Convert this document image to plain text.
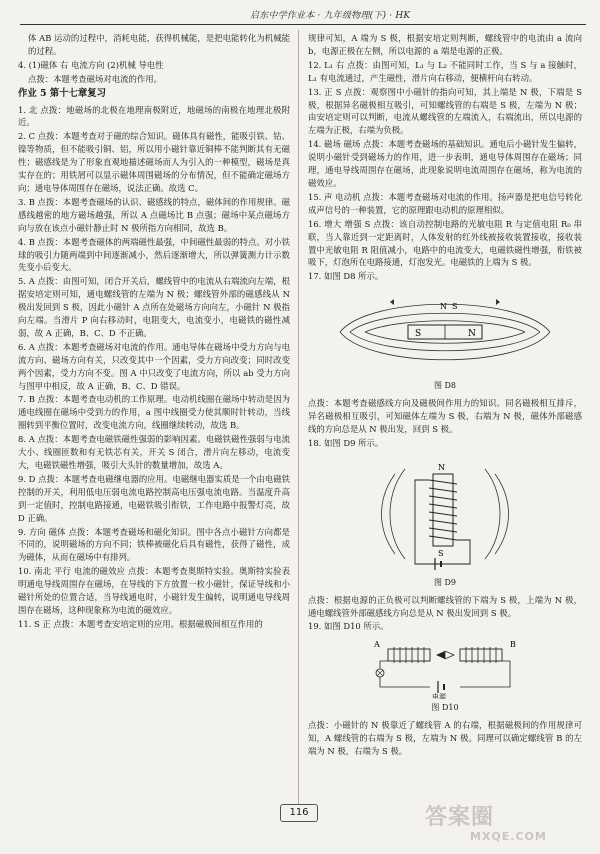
启东中学作业本 · 九年级物理(下) · HK

体 AB 运动的过程中，消耗电能，获得机械能，是把电能转化为机械能的过程。

4. (1)磁体 右 电流方向 (2)机械 导电性

点拨：本题考查磁场对电流的作用。

作业 5 第十七章复习

1. 北 点拨：地磁场的北极在地理南极附近，地磁场的南极在地理北极附近。

2. C 点拨：本题考查对于磁的综合知识。磁体具有磁性，能吸引铁、钴、镍等物质，但不能吸引铜、铝，所以用小磁针靠近铜棒不能判断其有无磁性；磁感线是为了形象直观地描述磁场而人为引入的一种模型，磁场是真实存在的；用铁屑可以显示磁体周围磁场的分布情况，但不能确定磁场方向；通电导体周围存在磁场，说法正确。故选 C。

3. B 点拨：本题考查磁场的认识、磁感线的特点，磁体间的作用规律。磁感线越密的地方磁场越强，所以 A 点磁场比 B 点强；磁场中某点磁场方向与放在该点小磁针静止时 N 极所指方向相同，故选 B。

4. B 点拨：本题考查磁体的两端磁性最强，中间磁性最弱的特点。对小铁球的吸引力随两端到中间逐渐减小，然后逐渐增大，所以弹簧测力计示数先变小后变大。

5. A 点拨：由图可知，闭合开关后，螺线管中的电流从右端流向左端，根据安培定则可知，通电螺线管的左端为 N 极；螺线管外部的磁感线从 N 极出发回到 S 极，因此小磁针 A 点所在处磁场方向向左，小磁针 N 极指向左端。当滑片 P 向右移动时，电阻变大，电流变小，电磁铁的磁性减弱，故 A 正确，B、C、D 不正确。

6. A 点拨：本题考查磁场对电流的作用。通电导体在磁场中受力方向与电流方向、磁场方向有关，只改变其中一个因素，受力方向改变；同时改变两个因素，受力方向不变。图 A 中只改变了电流方向，所以 ab 受力方向与图甲中相反，故 A 正确，B、C、D 错误。

7. B 点拨：本题考查电动机的工作原理。电动机线圈在磁场中转动是因为通电线圈在磁场中受到力的作用，a 图中线圈受力使其顺时针转动，当线圈转到平衡位置时，改变电流方向，线圈继续转动，故选 B。

8. A 点拨：本题考查电磁铁磁性强弱的影响因素。电磁铁磁性强弱与电流大小、线圈匝数和有无铁芯有关，开关 S 闭合，滑片向左移动，电流变大，电磁铁磁性增强，吸引大头针的数量增加，故选 A。

9. D 点拨：本题考查电磁继电器的应用。电磁继电器实质是一个由电磁铁控制的开关，利用低电压弱电流电路控制高电压强电流电路。当温度升高到一定值时，控制电路接通，电磁铁吸引衔铁，工作电路中报警灯亮，故 D 正确。

9. 方向 磁体 点拨：本题考查磁场和磁化知识。图中各点小磁针方向都是不同的，说明磁场的方向不同；铁棒被磁化后具有磁性，获得了磁性，成为磁体，从而在磁场中有排列。

10. 南北 平行 电流的磁效应 点拨：本题考查奥斯特实验。奥斯特实验表明通电导线周围存在磁场，在导线的下方放置一枚小磁针，保证导线和小磁针所处的位置合适，当导线通电时，小磁针发生偏转，说明通电导线周围存在磁场，这种现象称为电流的磁效应。

11. S 正 点拨：本题考查安培定则的应用。根据磁极间相互作用的

规律可知，A 端为 S 极，根据安培定则判断，螺线管中的电流由 a 流向 b，电源正极在左侧，所以电源的 a 端是电源的正极。

12. L₁ 右 点拨：由图可知，L₁ 与 L₂ 不能同时工作，当 S 与 a 接触时，L₁ 有电流通过，产生磁性，滑片向右移动，便横杆向右转动。

13. 正 S 点拨：观察图中小磁针的指向可知，其上端是 N 极，下端是 S 极，根据异名磁极相互吸引，可知螺线管的右端是 S 极，左端为 N 极；由安培定则可以判断，电流从螺线管的左端流入，右端流出，所以电源的左端为正极，右端为负极。

14. 磁场 磁场 点拨：本题考查磁场的基础知识。通电后小磁针发生偏转，说明小磁针受到磁场力的作用，进一步表明，通电导体周围存在磁场；同理，通电导线周围存在磁场，此现象说明电流周围存在磁场，称为电流的磁效应。

15. 声 电动机 点拨：本题考查磁场对电流的作用。扬声器是把电信号转化成声信号的一种装置，它的原理跟电动机的原理相似。

16. 增大 增强 S 点拨：该自动控制电路的光敏电阻 R 与定值电阻 R₀ 串联，当人靠近到一定距离时，人体发射的红外线被接收装置接收，接收装置中光敏电阻 R 阻值减小，电路中的电流变大，电磁铁磁性增强，衔铁被吸下，灯泡所在电路接通，灯泡发光。电磁铁的上端为 S 极。

17. 如图 D8 所示。

S	N
N S
图 D8

点拨：本题考查磁感线方向及磁极间作用力的知识。同名磁极相互排斥，异名磁极相互吸引，可知磁体左端为 S 极，右端为 N 极，磁体外部磁感线的方向总是从 N 极出发，回到 S 极。

18. 如图 D9 所示。

N
S
图 D9

点拨：根据电源的正负极可以判断螺线管的下端为 S 极，上端为 N 极，通电螺线管外部磁感线方向总是从 N 极出发回到 S 极。

19. 如图 D10 所示。

A	B
电源
图 D10

点拨：小磁针的 N 极靠近了螺线管 A 的右端，根据磁极间的作用规律可知，A 螺线管的右端为 S 极，左端为 N 极。同理可以确定螺线管 B 的左端为 N 极，右端为 S 极。

116	答案圈
MXQE.COM
